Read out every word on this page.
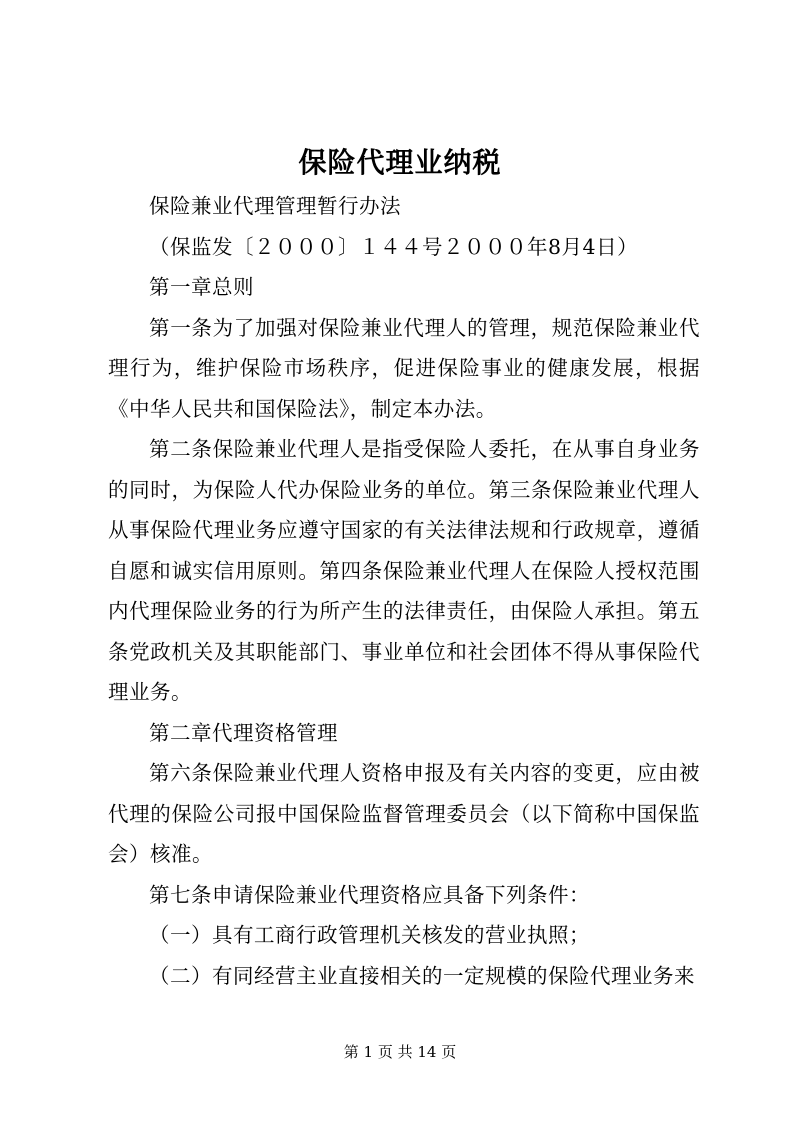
保险代理业纳税

保险兼业代理管理暂行办法

（保监发〔２０００〕１４４号２０００年8月4日）

第一章总则

第一条为了加强对保险兼业代理人的管理，规范保险兼业代理行为，维护保险市场秩序，促进保险事业的健康发展，根据《中华人民共和国保险法》，制定本办法。

第二条保险兼业代理人是指受保险人委托，在从事自身业务的同时，为保险人代办保险业务的单位。第三条保险兼业代理人从事保险代理业务应遵守国家的有关法律法规和行政规章，遵循自愿和诚实信用原则。第四条保险兼业代理人在保险人授权范围内代理保险业务的行为所产生的法律责任，由保险人承担。第五条党政机关及其职能部门、事业单位和社会团体不得从事保险代理业务。

第二章代理资格管理

第六条保险兼业代理人资格申报及有关内容的变更，应由被代理的保险公司报中国保险监督管理委员会（以下简称中国保监会）核准。

第七条申请保险兼业代理资格应具备下列条件：

（一）具有工商行政管理机关核发的营业执照；

（二）有同经营主业直接相关的一定规模的保险代理业务来

第 1 页 共 14 页
